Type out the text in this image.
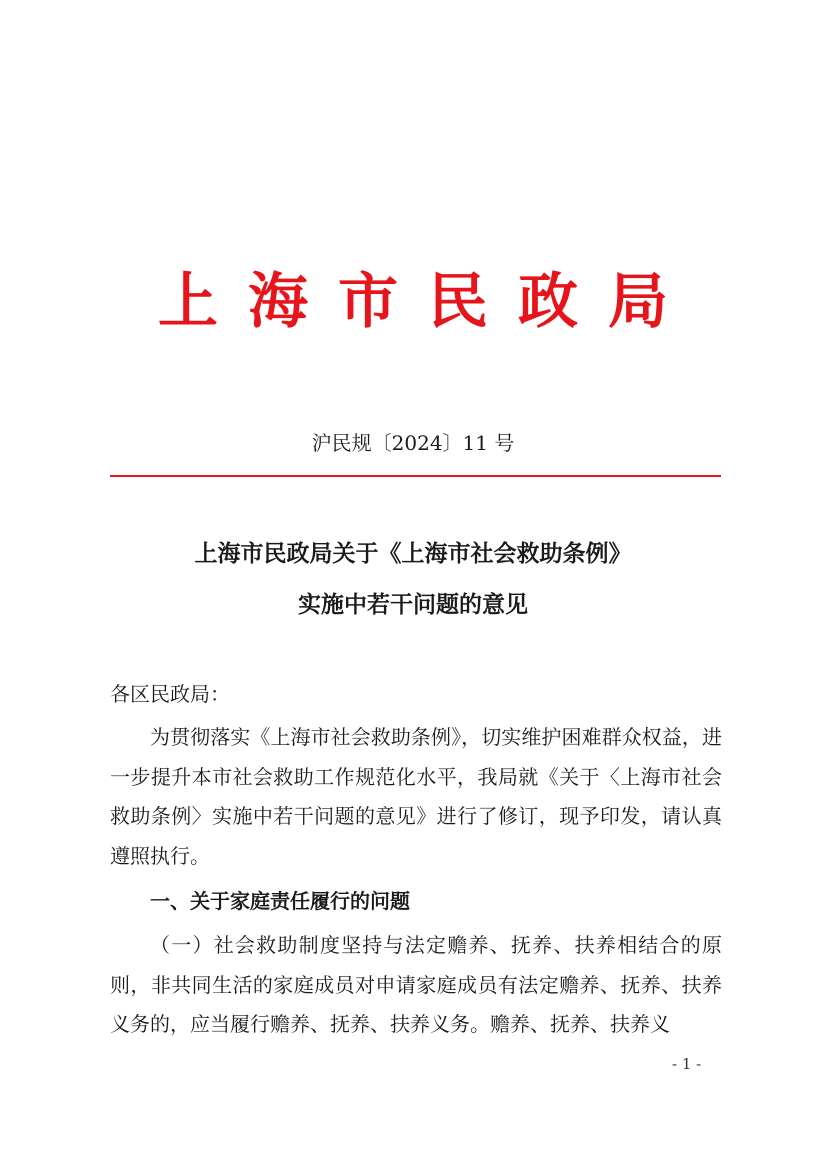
上海市民政局
沪民规〔2024〕11 号
上海市民政局关于《上海市社会救助条例》
实施中若干问题的意见
各区民政局：
为贯彻落实《上海市社会救助条例》，切实维护困难群众权益，进一步提升本市社会救助工作规范化水平，我局就《关于〈上海市社会救助条例〉实施中若干问题的意见》进行了修订，现予印发，请认真遵照执行。
一、关于家庭责任履行的问题
（一）社会救助制度坚持与法定赡养、抚养、扶养相结合的原则，非共同生活的家庭成员对申请家庭成员有法定赡养、抚养、扶养义务的，应当履行赡养、抚养、扶养义务。赡养、抚养、扶养义
- 1 -
